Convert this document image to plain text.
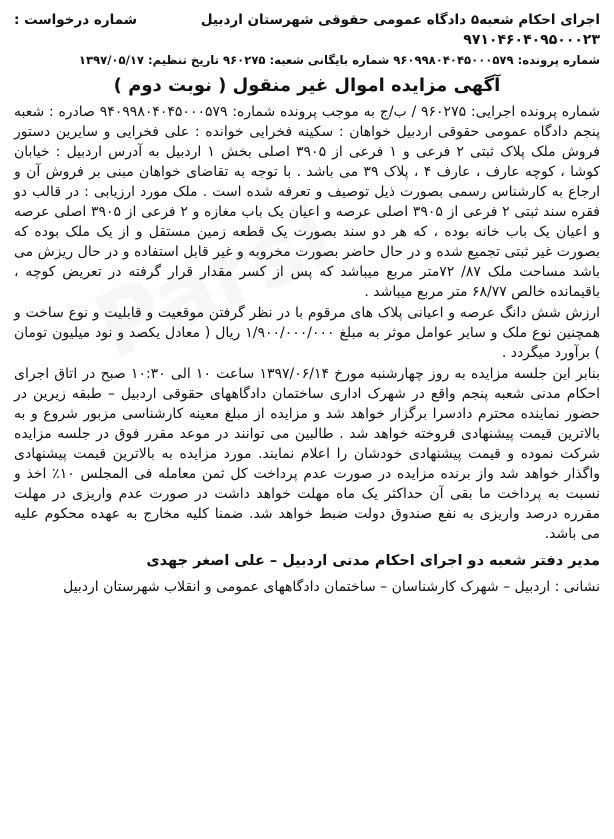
اجرای احکام شعبه۵ دادگاه عمومی حقوقی شهرستان اردبیل
شماره درخواست :
۹۷۱۰۴۶۰۴۰۹۵۰۰۰۲۳
شماره پرونده: ۹۶۰۹۹۸۰۴۰۴۵۰۰۰۵۷۹ شماره بایگانی شعبه: ۹۶۰۲۷۵ تاریخ تنظیم: ۱۳۹۷/۰۵/۱۷
آگهی مزایده اموال غیر منقول ( نوبت دوم )

شماره پرونده اجرایی: ۹۶۰۲۷۵ / ب/ج به موجب پرونده شماره: ۹۴۰۹۹۸۰۴۰۴۵۰۰۰۵۷۹ صادره : شعبه پنجم دادگاه عمومی حقوقی اردبیل خواهان : سکینه فخرایی خوانده : علی فخرایی و سایرین دستور فروش ملک پلاک ثبتی ۲ فرعی و ۱ فرعی از ۳۹۰۵ اصلی بخش ۱ اردبیل به آدرس اردبیل : خیابان کوشا ، کوچه عارف ، عارف ۴ ، پلاک ۳۹ می باشد . با توجه به تقاضای خواهان مبنی بر فروش آن و ارجاع به کارشناس رسمی بصورت ذیل توصیف و تعرفه شده است . ملک مورد ارزیابی : در قالب دو فقره سند ثبتی ۲ فرعی از ۳۹۰۵ اصلی عرصه و اعیان یک باب مغازه و ۲ فرعی از ۳۹۰۵ اصلی عرصه و اعیان یک باب خانه بوده ، که هر دو سند بصورت یک قطعه زمین مستقل و از یک ملک بوده که بصورت غیر ثبتی تجمیع شده و در حال حاضر بصورت مخروبه و غیر قابل استفاده و در حال ریزش می باشد مساحت ملک ۸۷/ ۷۲متر مربع میباشد که پس از کسر مقدار قرار گرفته در تعریض کوچه ، باقیمانده خالص ۶۸/۷۷ متر مربع میباشد .

ارزش شش دانگ عرصه و اعیانی پلاک های مرقوم با در نظر گرفتن موقعیت و قابلیت و نوع ساخت و همچنین نوع ملک و سایر عوامل موثر به مبلغ ۱/۹۰۰/۰۰۰/۰۰۰ ریال ( معادل یکصد و نود میلیون تومان ) برآورد میگردد .

بنابر این جلسه مزایده به روز چهارشنبه مورخ ۱۳۹۷/۰۶/۱۴ ساعت ۱۰ الی ۱۰:۳۰ صبح در اتاق اجرای احکام مدنی شعبه پنجم واقع در شهرک اداری ساختمان دادگاههای حقوقی اردبیل – طبقه زیرین در حضور نماینده محترم دادسرا برگزار خواهد شد و مزایده از مبلغ معینه کارشناسی مزبور شروع و به بالاترین قیمت پیشنهادی فروخته خواهد شد . طالبین می توانند در موعد مقرر فوق در جلسه مزایده شرکت نموده و قیمت پیشنهادی خودشان را اعلام نمایند. مورد مزایده به بالاترین قیمت پیشنهادی واگذار خواهد شد واز برنده مزایده در صورت عدم پرداخت کل ثمن معامله فی المجلس ۱۰٪ اخذ و نسبت به پرداخت ما بقی آن حداکثر یک ماه مهلت خواهد داشت در صورت عدم واریزی در مهلت مقرره درصد واریزی به نفع صندوق دولت ضبط خواهد شد. ضمنا کلیه مخارج به عهده محکوم علیه می باشد.

مدیر دفتر شعبه دو اجرای احکام مدنی اردبیل – علی اصغر جهدی
نشانی : اردبیل – شهرک کارشناسان – ساختمان دادگاههای عمومی و انقلاب شهرستان اردبیل
